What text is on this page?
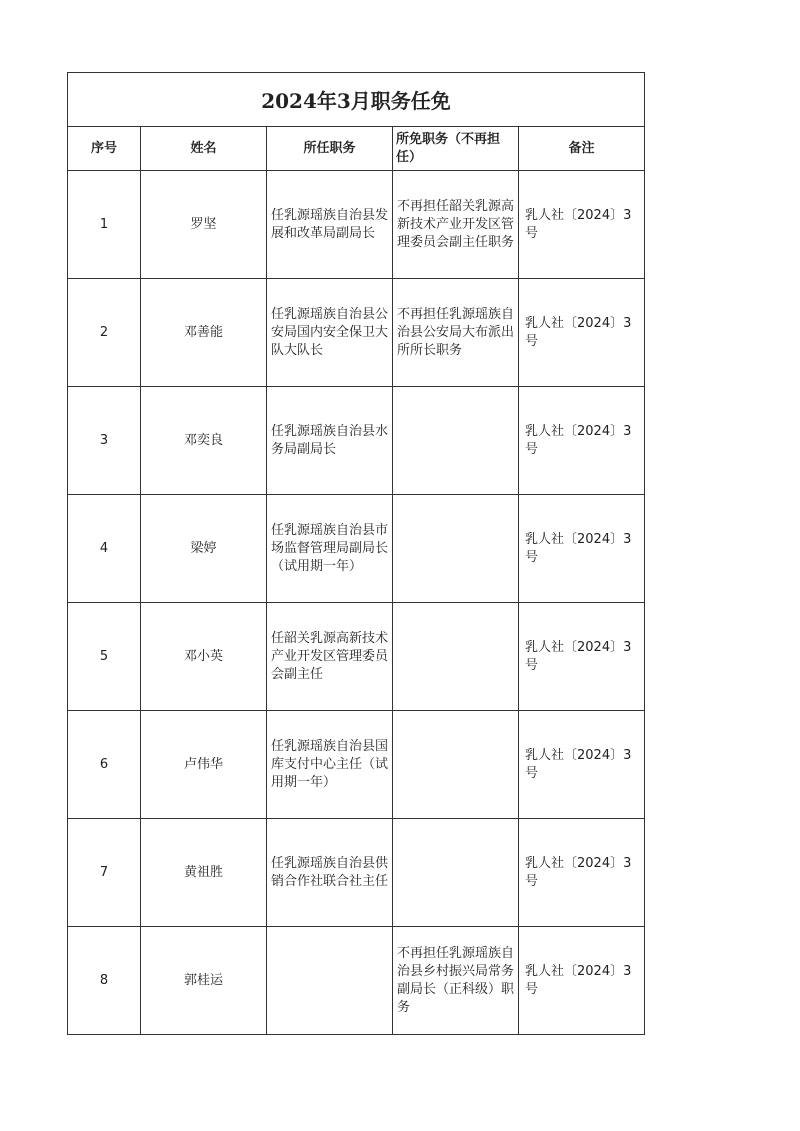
2024年3月职务任免				
序号	姓名	所任职务	所免职务（不再担任）	备注
1	罗坚	任乳源瑶族自治县发展和改革局副局长	不再担任韶关乳源高新技术产业开发区管理委员会副主任职务	乳人社〔2024〕3号
2	邓善能	任乳源瑶族自治县公安局国内安全保卫大队大队长	不再担任乳源瑶族自治县公安局大布派出所所长职务	乳人社〔2024〕3号
3	邓奕良	任乳源瑶族自治县水务局副局长		乳人社〔2024〕3号
4	梁婷	任乳源瑶族自治县市场监督管理局副局长（试用期一年）		乳人社〔2024〕3号
5	邓小英	任韶关乳源高新技术产业开发区管理委员会副主任		乳人社〔2024〕3号
6	卢伟华	任乳源瑶族自治县国库支付中心主任（试用期一年）		乳人社〔2024〕3号
7	黄祖胜	任乳源瑶族自治县供销合作社联合社主任		乳人社〔2024〕3号
8	郭桂运		不再担任乳源瑶族自治县乡村振兴局常务副局长（正科级）职务	乳人社〔2024〕3号
